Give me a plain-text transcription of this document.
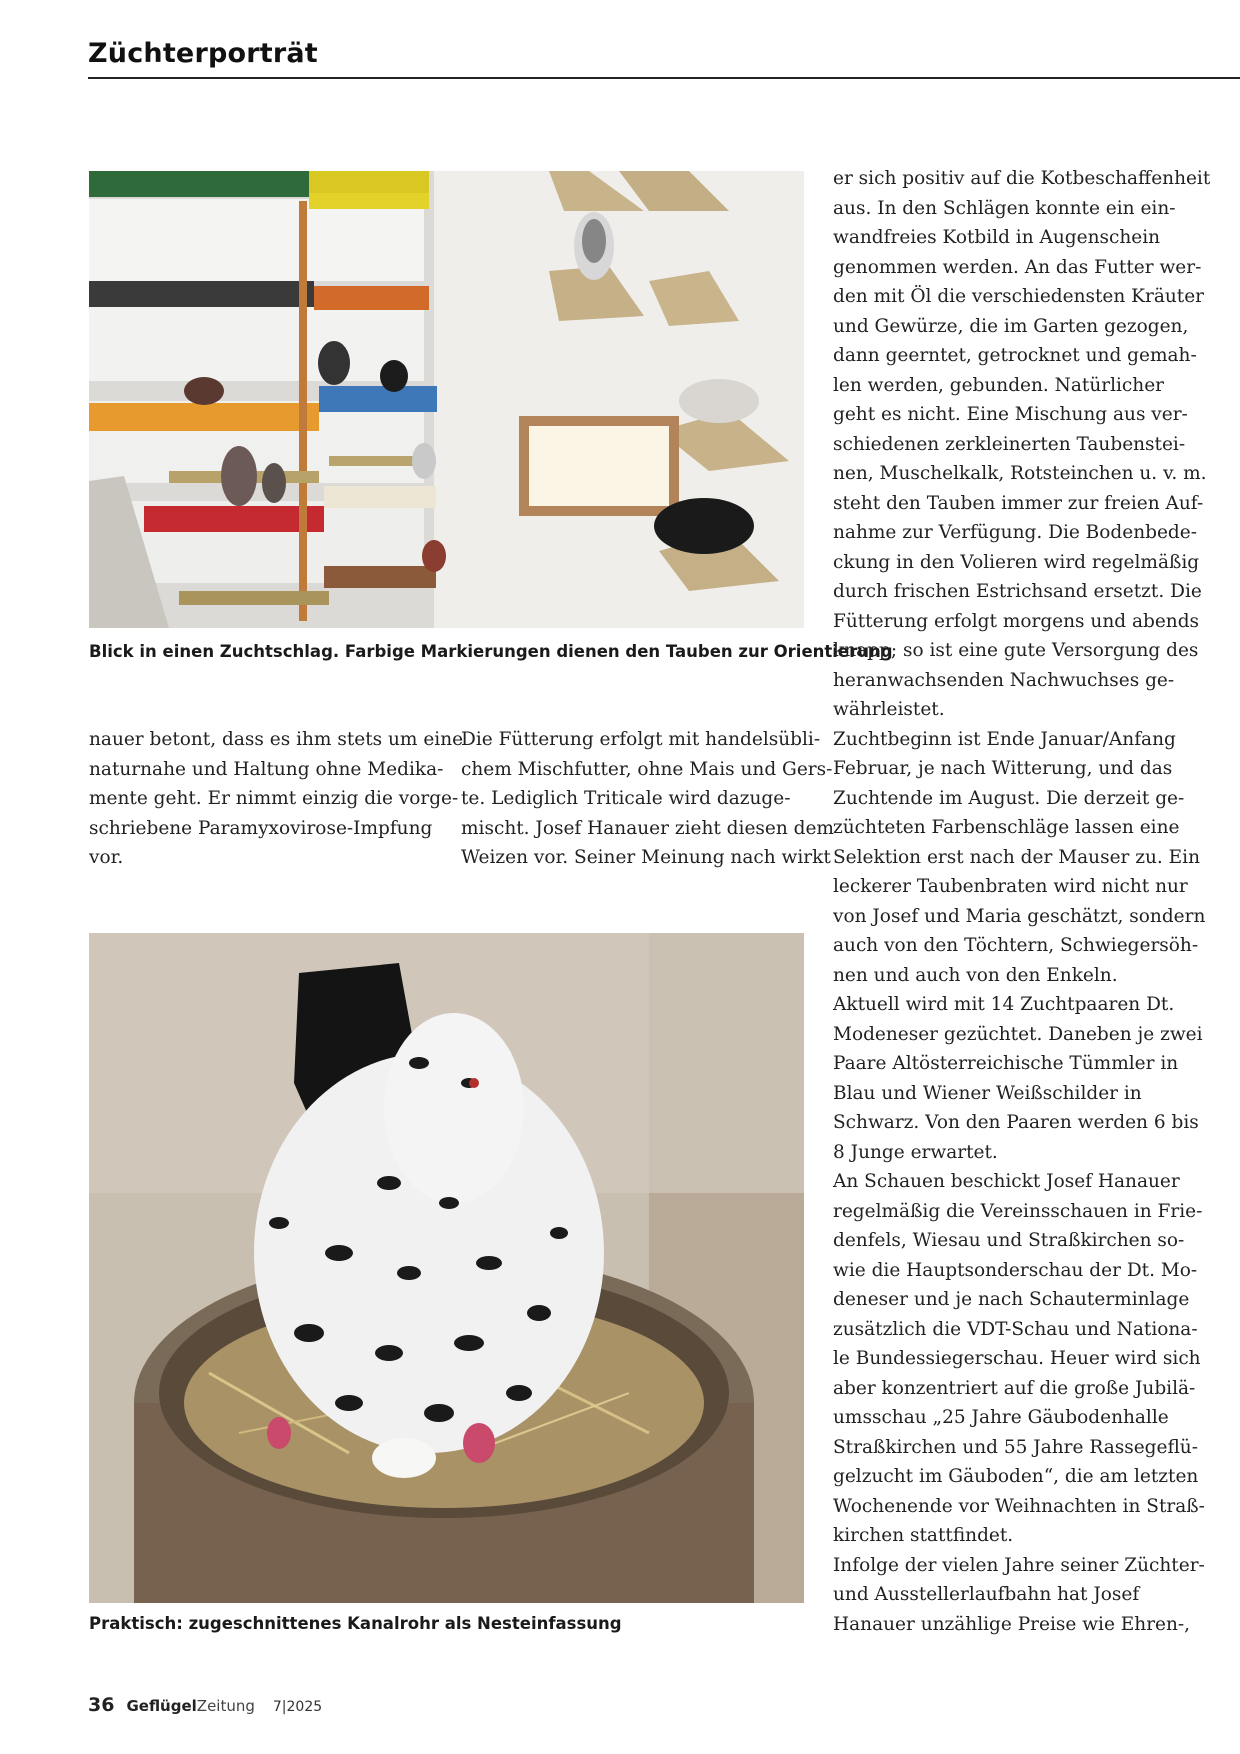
Züchterporträt
Blick in einen Zuchtschlag. Farbige Markierungen dienen den Tauben zur Orientierung
nauer betont, dass es ihm stets um eine
naturnahe und Haltung ohne Medika-
mente geht. Er nimmt einzig die vorge-
schriebene Paramyxovirose-Impfung
vor.
Die Fütterung erfolgt mit handelsübli-
chem Mischfutter, ohne Mais und Gers-
te. Lediglich Triticale wird dazuge-
mischt. Josef Hanauer zieht diesen dem
Weizen vor. Seiner Meinung nach wirkt
Praktisch: zugeschnittenes Kanalrohr als Nesteinfassung
er sich positiv auf die Kotbeschaffenheit
aus. In den Schlägen konnte ein ein-
wandfreies Kotbild in Augenschein
genommen werden. An das Futter wer-
den mit Öl die verschiedensten Kräuter
und Gewürze, die im Garten gezogen,
dann geerntet, getrocknet und gemah-
len werden, gebunden. Natürlicher
geht es nicht. Eine Mischung aus ver-
schiedenen zerkleinerten Taubenstei-
nen, Muschelkalk, Rotsteinchen u. v. m.
steht den Tauben immer zur freien Auf-
nahme zur Verfügung. Die Bodenbede-
ckung in den Volieren wird regelmäßig
durch frischen Estrichsand ersetzt. Die
Fütterung erfolgt morgens und abends
knapp; so ist eine gute Versorgung des
heranwachsenden Nachwuchses ge-
währleistet.
Zuchtbeginn ist Ende Januar/Anfang
Februar, je nach Witterung, und das
Zuchtende im August. Die derzeit ge-
züchteten Farbenschläge lassen eine
Selektion erst nach der Mauser zu. Ein
leckerer Taubenbraten wird nicht nur
von Josef und Maria geschätzt, sondern
auch von den Töchtern, Schwiegersöh-
nen und auch von den Enkeln.
Aktuell wird mit 14 Zuchtpaaren Dt.
Modeneser gezüchtet. Daneben je zwei
Paare Altösterreichische Tümmler in
Blau und Wiener Weißschilder in
Schwarz. Von den Paaren werden 6 bis
8 Junge erwartet.
An Schauen beschickt Josef Hanauer
regelmäßig die Vereinsschauen in Frie-
denfels, Wiesau und Straßkirchen so-
wie die Hauptsonderschau der Dt. Mo-
deneser und je nach Schauterminlage
zusätzlich die VDT-Schau und Nationa-
le Bundessiegerschau. Heuer wird sich
aber konzentriert auf die große Jubilä-
umsschau „25 Jahre Gäubodenhalle
Straßkirchen und 55 Jahre Rassegeflü-
gelzucht im Gäuboden“, die am letzten
Wochenende vor Weihnachten in Straß-
kirchen stattfindet.
Infolge der vielen Jahre seiner Züchter-
und Ausstellerlaufbahn hat Josef
Hanauer unzählige Preise wie Ehren-,
36 GeflügelZeitung 7|2025
